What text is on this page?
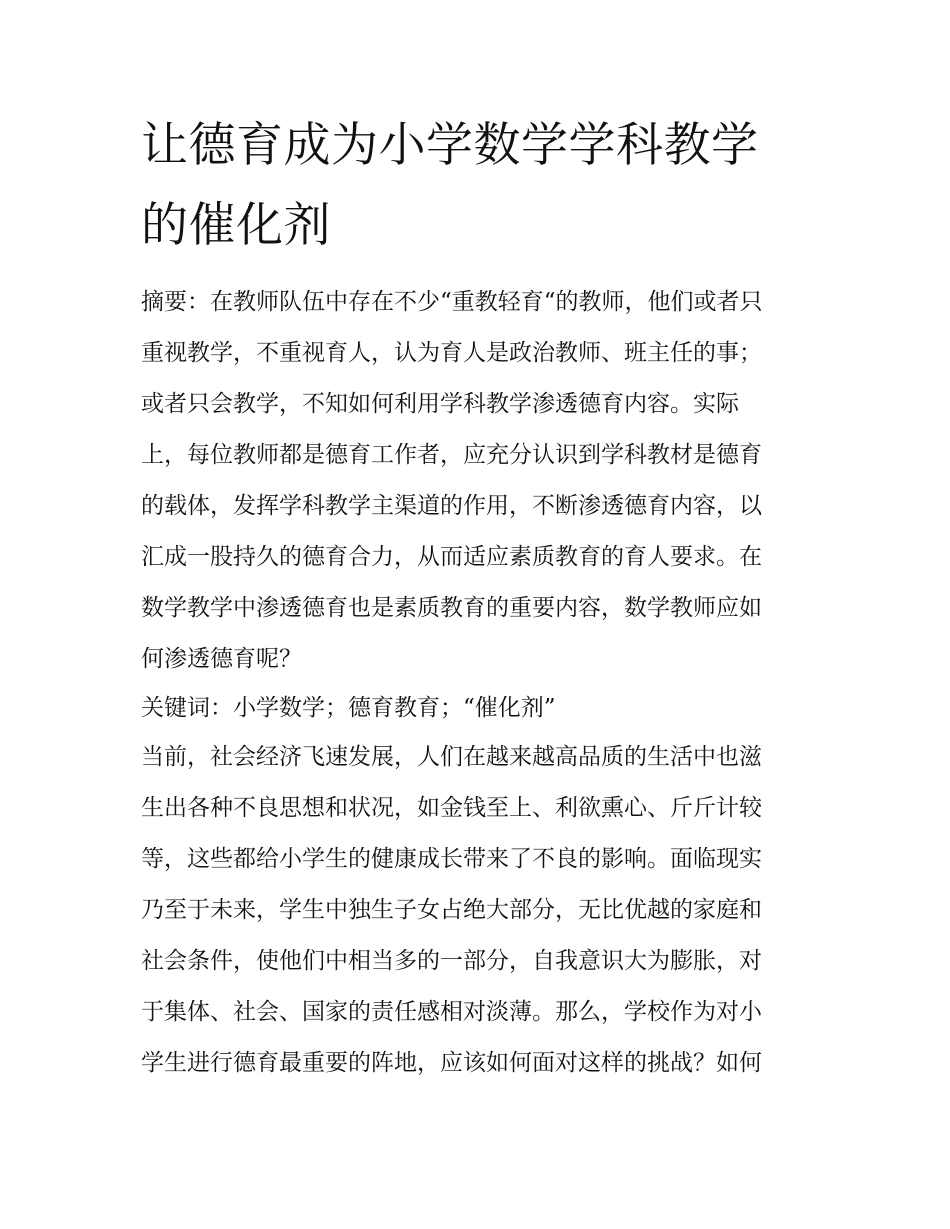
让德育成为小学数学学科教学
的催化剂
摘要：在教师队伍中存在不少“重教轻育“的教师，他们或者只
重视教学，不重视育人，认为育人是政治教师、班主任的事；
或者只会教学，不知如何利用学科教学渗透德育内容。实际
上，每位教师都是德育工作者，应充分认识到学科教材是德育
的载体，发挥学科教学主渠道的作用，不断渗透德育内容，以
汇成一股持久的德育合力，从而适应素质教育的育人要求。在
数学教学中渗透德育也是素质教育的重要内容，数学教师应如
何渗透德育呢？
关键词：小学数学；德育教育；“催化剂”
当前，社会经济飞速发展，人们在越来越高品质的生活中也滋
生出各种不良思想和状况，如金钱至上、利欲熏心、斤斤计较
等，这些都给小学生的健康成长带来了不良的影响。面临现实
乃至于未来，学生中独生子女占绝大部分，无比优越的家庭和
社会条件，使他们中相当多的一部分，自我意识大为膨胀，对
于集体、社会、国家的责任感相对淡薄。那么，学校作为对小
学生进行德育最重要的阵地，应该如何面对这样的挑战？如何
